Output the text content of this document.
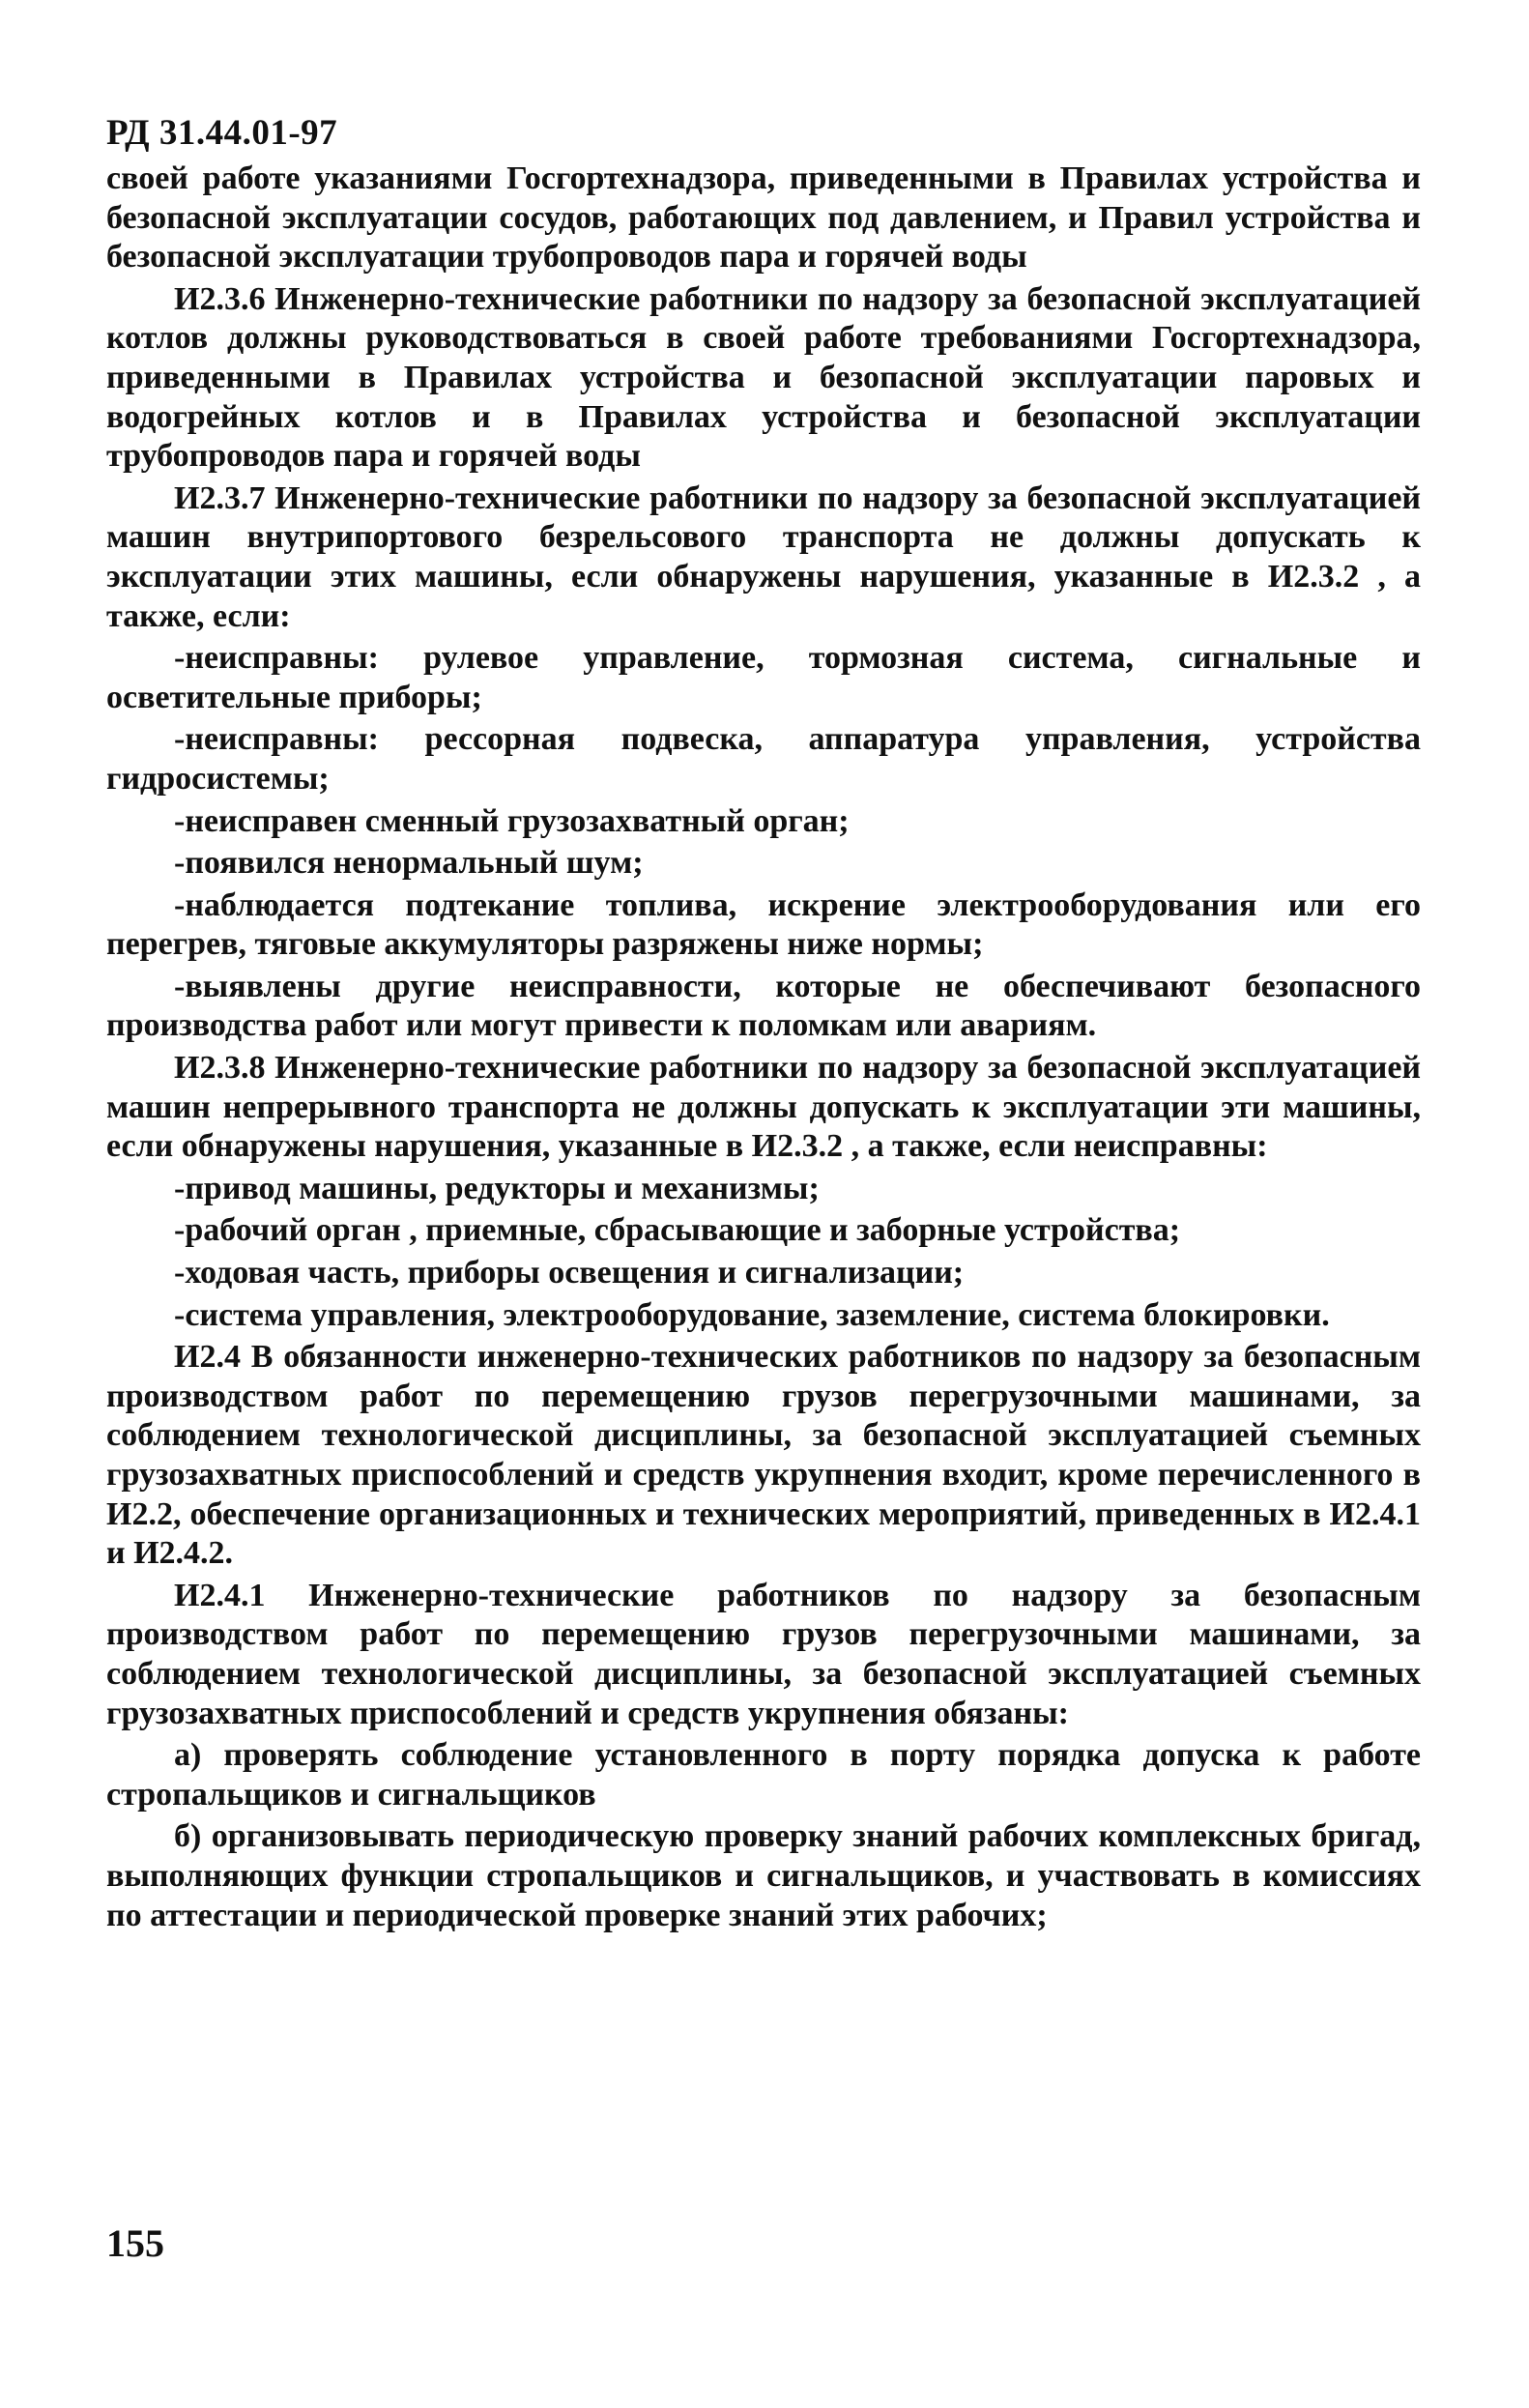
РД 31.44.01-97

своей работе указаниями Госгортехнадзора, приведенными в Правилах устройства и безопасной эксплуатации сосудов, работающих под давлением, и Правил устройства и безопасной эксплуатации трубопроводов пара и горячей воды

И2.3.6 Инженерно-технические работники по надзору за безопасной эксплуатацией котлов должны руководствоваться в своей работе требованиями Госгортехнадзора, приведенными в Правилах устройства и безопасной эксплуатации паровых и водогрейных котлов и в Правилах устройства и безопасной эксплуатации трубопроводов пара и горячей воды

И2.3.7 Инженерно-технические работники по надзору за безопасной эксплуатацией машин внутрипортового безрельсового транспорта не должны допускать к эксплуатации этих машины, если обнаружены нарушения, указанные в И2.3.2 , а также, если:

-неисправны: рулевое управление, тормозная система, сигнальные и осветительные приборы;

-неисправны: рессорная подвеска, аппаратура управления, устройства гидросистемы;

-неисправен сменный грузозахватный орган;

-появился ненормальный шум;

-наблюдается подтекание топлива, искрение электрооборудования или его перегрев, тяговые аккумуляторы разряжены ниже нормы;

-выявлены другие неисправности, которые не обеспечивают безопасного производства работ или могут привести к поломкам или авариям.

И2.3.8 Инженерно-технические работники по надзору за безопасной эксплуатацией машин непрерывного транспорта не должны допускать к эксплуатации эти машины, если обнаружены нарушения, указанные в И2.3.2 , а также, если неисправны:

-привод машины, редукторы и механизмы;

-рабочий орган , приемные, сбрасывающие и заборные устройства;

-ходовая часть, приборы освещения и сигнализации;

-система управления, электрооборудование, заземление, система блокировки.

И2.4 В обязанности инженерно-технических работников по надзору за безопасным производством работ по перемещению грузов перегрузочными машинами, за соблюдением технологической дисциплины, за безопасной эксплуатацией съемных грузозахватных приспособлений и средств укрупнения входит, кроме перечисленного в И2.2, обеспечение организационных и технических мероприятий, приведенных в И2.4.1 и И2.4.2.

И2.4.1 Инженерно-технические работников по надзору за безопасным производством работ по перемещению грузов перегрузочными машинами, за соблюдением технологической дисциплины, за безопасной эксплуатацией съемных грузозахватных приспособлений и средств укрупнения обязаны:

а) проверять соблюдение установленного в порту порядка допуска к работе стропальщиков и сигнальщиков

б) организовывать периодическую проверку знаний рабочих комплексных бригад, выполняющих функции стропальщиков и сигнальщиков, и участвовать в комиссиях по аттестации и периодической проверке знаний этих рабочих;

155
